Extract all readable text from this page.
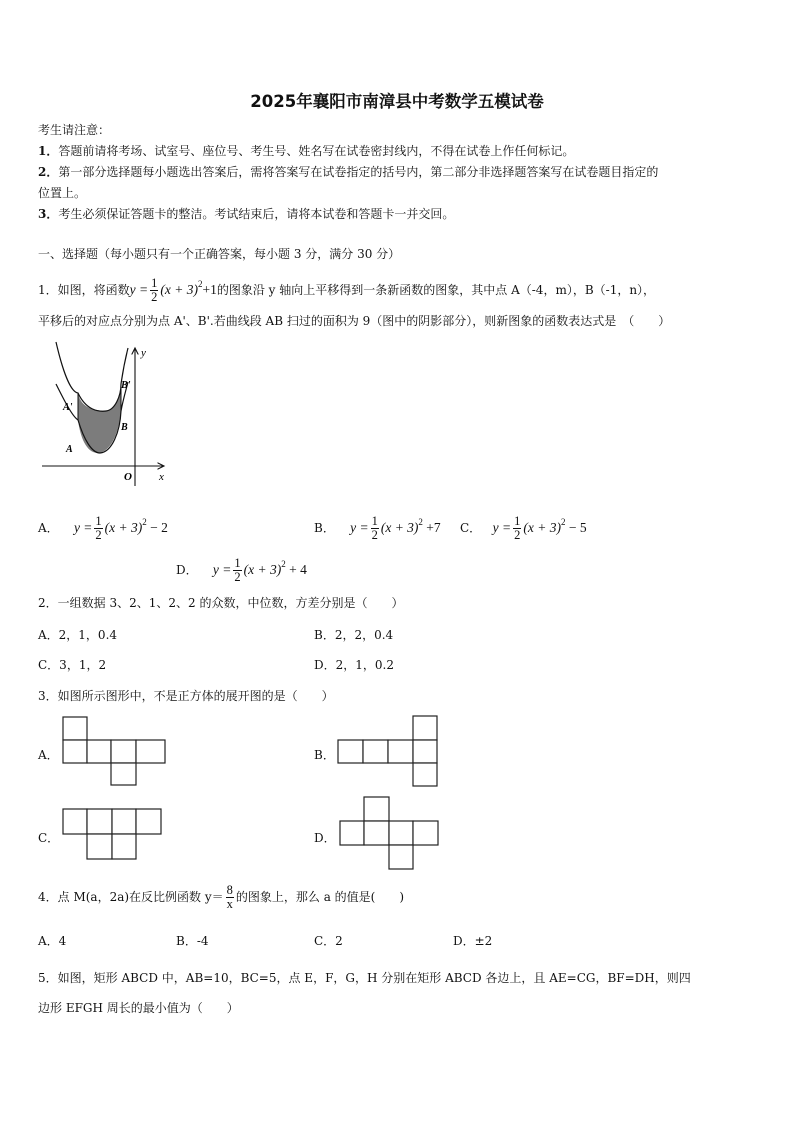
2025年襄阳市南漳县中考数学五模试卷
考生请注意：
1．答题前请将考场、试室号、座位号、考生号、姓名写在试卷密封线内，不得在试卷上作任何标记。
2．第一部分选择题每小题选出答案后，需将答案写在试卷指定的括号内，第二部分非选择题答案写在试卷题目指定的
位置上。
3．考生必须保证答题卡的整洁。考试结束后，请将本试卷和答题卡一并交回。
一、选择题（每小题只有一个正确答案，每小题 3 分，满分 30 分）
1．如图，将函数$y = \frac{1}{2} (x + 3)^2+1$的图象沿 y 轴向上平移得到一条新函数的图象，其中点 A（-4，m），B（-1，n），
平移后的对应点分别为点 A'、B'.若曲线段 AB 扫过的面积为 9（图中的阴影部分），则新图象的函数表达式是　（　　）
y
x
O
A'
A
B'
B
A． $y = \frac{1}{2} (x + 3)^2 - 2$	B． $y = \frac{1}{2} (x + 3)^2 +7$ C． $y = \frac{1}{2} (x + 3)^2 - 5$
D． $y = \frac{1}{2} (x + 3)^2 + 4$
2．一组数据 3、2、1、2、2 的众数，中位数，方差分别是（　　）
A．2，1，0.4	B．2，2，0.4
C．3，1，2	D．2，1，0.2
3．如图所示图形中，不是正方体的展开图的是（　　）
A．	B．
C．	D．
4．点 M(a，2a)在反比例函数 $y= \frac{8}{x}$ 的图象上，那么 a 的值是(　　)
A．4	B．-4	C．2	D．±2
5．如图，矩形 ABCD 中，AB=10，BC=5，点 E，F，G，H 分别在矩形 ABCD 各边上，且 AE=CG，BF=DH，则四
边形 EFGH 周长的最小值为（　　）
